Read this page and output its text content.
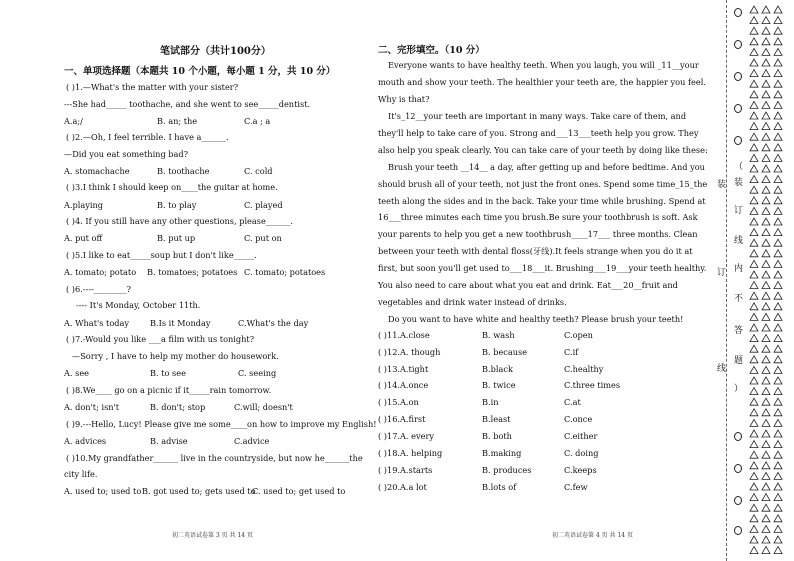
笔试部分（共计100分）
一、单项选择题（本题共 10 个小题，每小题 1 分，共 10 分）
( )1.—What's the matter with your sister?
---She had_____ toothache, and she went to see_____dentist.
A.a;/	B. an; the	C.a ; a
( )2.—Oh, I feel terrible. I have a______.
—Did you eat something bad?
A. stomachache	B. toothache	C. cold
( )3.I think I should keep on____the guitar at home.
A.playing	B. to play	C. played
( )4. If you still have any other questions, please______.
A. put off	B. put up	C. put on
( )5.I like to eat_____soup but I don't like_____.
A. tomato; potato B. tomatoes; potatoes C. tomato; potatoes
( )6.----________?
---- It's Monday, October 11th.
A. What's today	B.Is it Monday	C.What's the day
( )7.-Would you like ___a film with us tonight?
—Sorry , I have to help my mother do housework.
A. see	B. to see	C. seeing
( )8.We____ go on a picnic if it_____rain tomorrow.
A. don't; isn't	B. don't; stop	C.will; doesn't
( )9.---Hello, Lucy! Please give me some____on how to improve my English!
A. advices	B. advise	C.advice
( )10.My grandfather______ live in the countryside, but now he______the
city life.
A. used to; used to B. got used to; gets used to
C. used to; get used to
初二英语试卷第 3 页 共 14 页
二、完形填空。（10 分）
Everyone wants to have healthy teeth. When you laugh, you will _11__your
mouth and show your teeth. The healthier your teeth are, the happier you feel.
Why is that?
It's_12__your teeth are important in many ways. Take care of them, and
they'll help to take care of you. Strong and___13___teeth help you grow. They
also help you speak clearly. You can take care of your teeth by doing like these:
Brush your teeth __14__ a day, after getting up and before bedtime. And you
should brush all of your teeth, not just the front ones. Spend some time_15_the
teeth along the sides and in the back. Take your time while brushing. Spend at
16___three minutes each time you brush.Be sure your toothbrush is soft. Ask
your parents to help you get a new toothbrush____17___ three months. Clean
between your teeth with dental floss(牙线).It feels strange when you do it at
first, but soon you'll get used to___18___it. Brushing___19___your teeth healthy.
You also need to care about what you eat and drink. Eat___20__fruit and
vegetables and drink water instead of drinks.
Do you want to have white and healthy teeth? Please brush your teeth!
( )11.A.close	B. wash	C.open
( )12.A. though	B. because	C.if
( )13.A.tight	B.black	C.healthy
( )14.A.once	B. twice	C.three times
( )15.A.on	B.in	C.at
( )16.A.first	B.least	C.once
( )17.A. every	B. both	C.either
( )18.A. helping	B.making	C. doing
( )19.A.starts	B. produces	C.keeps
( )20.A.a lot	B.lots of	C.few
初二英语试卷第 4 页 共 14 页
（
装
订
线
内
不
答
题
）
装
订
线
